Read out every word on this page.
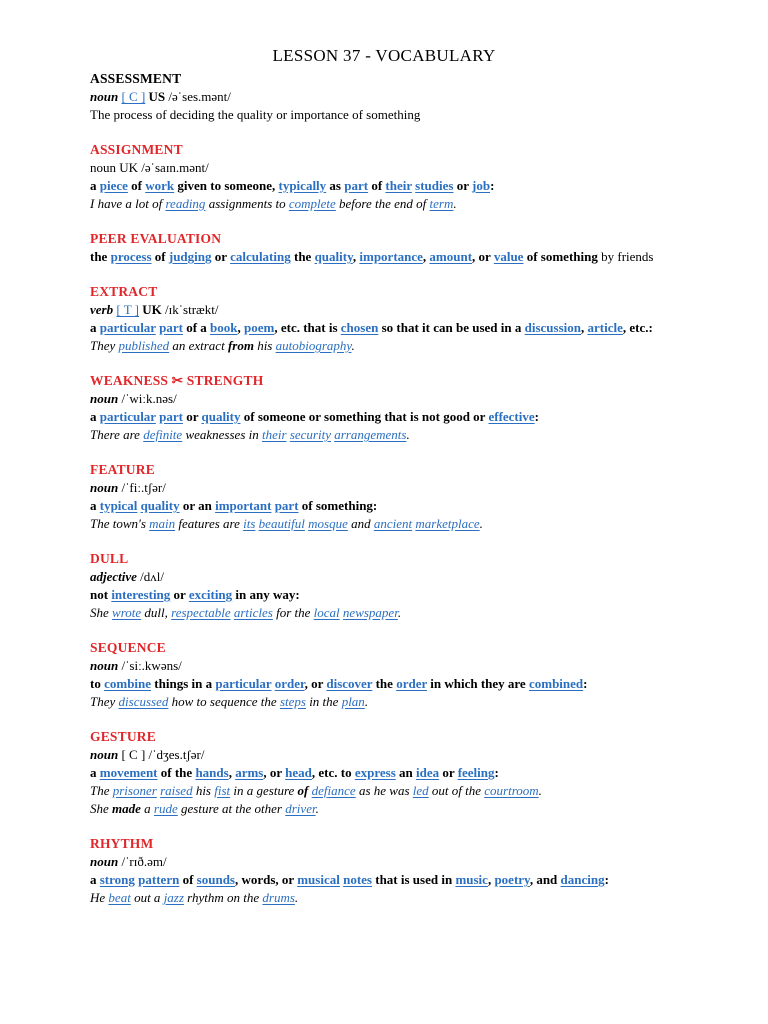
LESSON 37 - VOCABULARY
ASSESSMENT
noun [ C ] US /əˈses.mənt/
The process of deciding the quality or importance of something
ASSIGNMENT
noun UK /əˈsaɪn.mənt/
a piece of work given to someone, typically as part of their studies or job:
I have a lot of reading assignments to complete before the end of term.
PEER EVALUATION
the process of judging or calculating the quality, importance, amount, or value of something by friends
EXTRACT
verb [ T ] UK /ɪkˈstrækt/
a particular part of a book, poem, etc. that is chosen so that it can be used in a discussion, article, etc.:
They published an extract from his autobiography.
WEAKNESS ✂ STRENGTH
noun /ˈwiːk.nəs/
a particular part or quality of someone or something that is not good or effective:
There are definite weaknesses in their security arrangements.
FEATURE
noun /ˈfiː.tʃər/
a typical quality or an important part of something:
The town's main features are its beautiful mosque and ancient marketplace.
DULL
adjective /dʌl/
not interesting or exciting in any way:
She wrote dull, respectable articles for the local newspaper.
SEQUENCE
noun /ˈsiː.kwəns/
to combine things in a particular order, or discover the order in which they are combined:
They discussed how to sequence the steps in the plan.
GESTURE
noun [ C ] /ˈdʒes.tʃər/
a movement of the hands, arms, or head, etc. to express an idea or feeling:
The prisoner raised his fist in a gesture of defiance as he was led out of the courtroom.
She made a rude gesture at the other driver.
RHYTHM
noun /ˈrɪð.əm/
a strong pattern of sounds, words, or musical notes that is used in music, poetry, and dancing:
He beat out a jazz rhythm on the drums.
